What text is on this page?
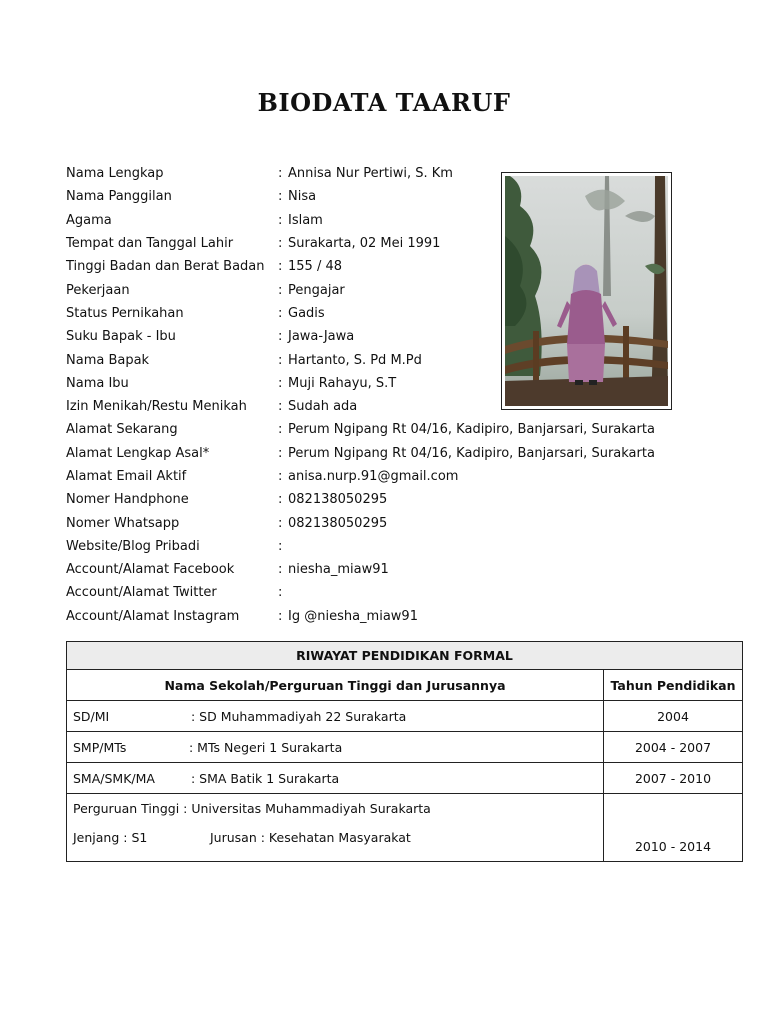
BIODATA TAARUF
Nama Lengkap	: Annisa Nur Pertiwi, S. Km
Nama Panggilan	: Nisa
Agama	: Islam
Tempat dan Tanggal Lahir	: Surakarta, 02 Mei 1991
Tinggi Badan dan Berat Badan	: 155 / 48
Pekerjaan	: Pengajar
Status Pernikahan	: Gadis
Suku Bapak - Ibu	: Jawa-Jawa
Nama Bapak	: Hartanto, S. Pd M.Pd
Nama Ibu	: Muji Rahayu, S.T
Izin Menikah/Restu Menikah	: Sudah ada
Alamat Sekarang	: Perum Ngipang Rt 04/16, Kadipiro, Banjarsari, Surakarta
Alamat Lengkap Asal*	: Perum Ngipang Rt 04/16, Kadipiro, Banjarsari, Surakarta
Alamat Email Aktif	: anisa.nurp.91@gmail.com
Nomer Handphone	: 082138050295
Nomer Whatsapp	: 082138050295
Website/Blog Pribadi	:
Account/Alamat Facebook	: niesha_miaw91
Account/Alamat Twitter	:
Account/Alamat Instagram	: Ig @niesha_miaw91
RIWAYAT PENDIDIKAN FORMAL	
Nama Sekolah/Perguruan Tinggi dan Jurusannya	Tahun Pendidikan
SD/MI : SD Muhammadiyah 22 Surakarta	2004
SMP/MTs : MTs Negeri 1 Surakarta	2004 - 2007
SMA/SMK/MA : SMA Batik 1 Surakarta	2007 - 2010

Perguruan Tinggi : Universitas Muhammadiyah Surakarta
Jenjang : S1 Jurusan : Kesehatan Masyarakat	2010 - 2014
